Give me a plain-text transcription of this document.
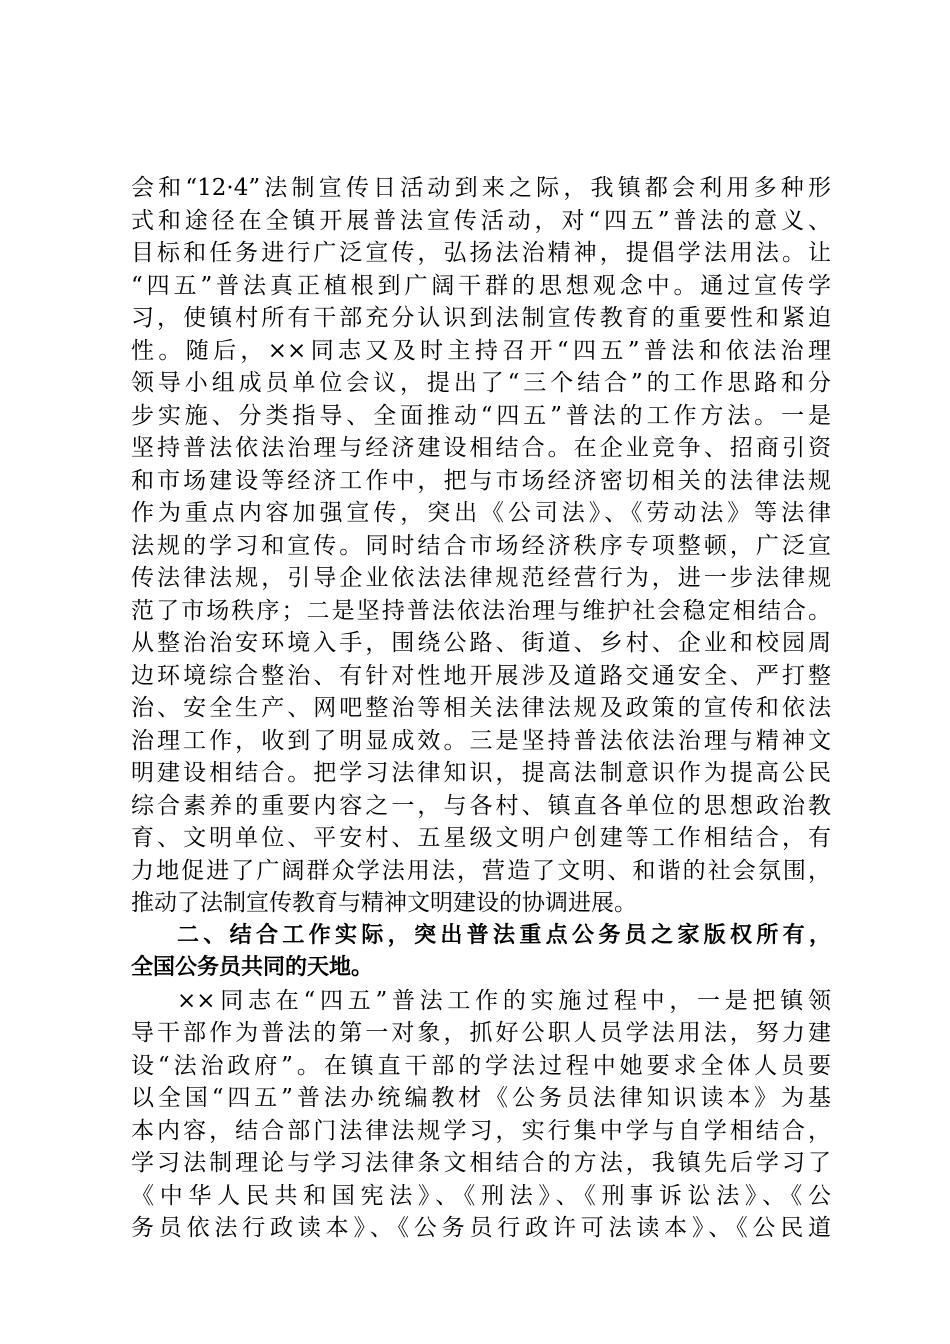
会和“12·4”法制宣传日活动到来之际，我镇都会利用多种形
式和途径在全镇开展普法宣传活动，对“四五”普法的意义、
目标和任务进行广泛宣传，弘扬法治精神，提倡学法用法。让
“四五”普法真正植根到广阔干群的思想观念中。通过宣传学
习，使镇村所有干部充分认识到法制宣传教育的重要性和紧迫
性。随后，××同志又及时主持召开“四五”普法和依法治理
领导小组成员单位会议，提出了“三个结合”的工作思路和分
步实施、分类指导、全面推动“四五”普法的工作方法。一是
坚持普法依法治理与经济建设相结合。在企业竞争、招商引资
和市场建设等经济工作中，把与市场经济密切相关的法律法规
作为重点内容加强宣传，突出《公司法》、《劳动法》等法律
法规的学习和宣传。同时结合市场经济秩序专项整顿，广泛宣
传法律法规，引导企业依法法律规范经营行为，进一步法律规
范了市场秩序；二是坚持普法依法治理与维护社会稳定相结合。
从整治治安环境入手，围绕公路、街道、乡村、企业和校园周
边环境综合整治、有针对性地开展涉及道路交通安全、严打整
治、安全生产、网吧整治等相关法律法规及政策的宣传和依法
治理工作，收到了明显成效。三是坚持普法依法治理与精神文
明建设相结合。把学习法律知识，提高法制意识作为提高公民
综合素养的重要内容之一，与各村、镇直各单位的思想政治教
育、文明单位、平安村、五星级文明户创建等工作相结合，有
力地促进了广阔群众学法用法，营造了文明、和谐的社会氛围，
推动了法制宣传教育与精神文明建设的协调进展。
二、结合工作实际，突出普法重点公务员之家版权所有，
全国公务员共同的天地。
××同志在“四五”普法工作的实施过程中，一是把镇领
导干部作为普法的第一对象，抓好公职人员学法用法，努力建
设“法治政府”。在镇直干部的学法过程中她要求全体人员要
以全国“四五”普法办统编教材《公务员法律知识读本》为基
本内容，结合部门法律法规学习，实行集中学与自学相结合，
学习法制理论与学习法律条文相结合的方法，我镇先后学习了
《中华人民共和国宪法》、《刑法》、《刑事诉讼法》、《公
务员依法行政读本》、《公务员行政许可法读本》、《公民道
